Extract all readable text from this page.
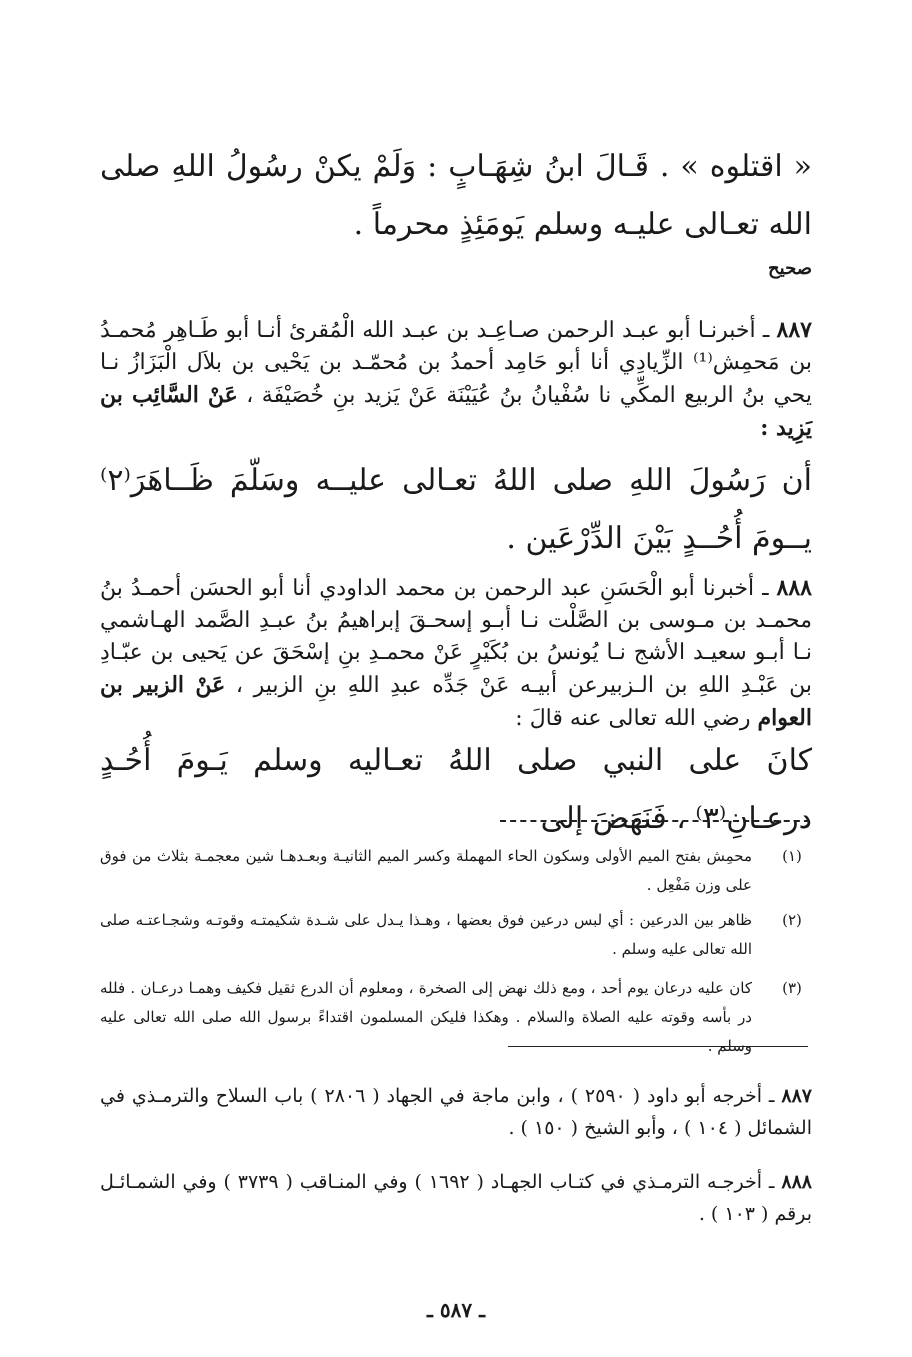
« اقتلوه » . قَـالَ ابنُ شِهَـابٍ : وَلَمْ يكنْ رسُولُ اللهِ صلى الله تعـالى عليـه وسلم يَومَئِذٍ محرماً .
صحيح
٨٨٧ ـ أخبرنـا أبو عبـد الرحمن صـاعِـد بن عبـد الله الْمُقرئ أنـا أبو طَـاهِر مُحمـدُ بن مَحمِش⁽¹⁾ الزِّيادِي أنا أبو حَامِد أحمدُ بن مُحمّـد بن يَحْيى بن بلاَل الْبَزَازُ نـا يحي بنُ الربيع المكِّي نا سُفْيانُ بنُ عُيَيْنَة عَنْ يَزيد بنِ خُصَيْفَة ، عَنْ السَّائِب بن يَزِيد :
أن رَسُولَ اللهِ صلى اللهُ تعـالى عليــه وسَلّمَ ظَــاهَرَ⁽٢⁾ يــومَ أُحُــدٍ بَيْنَ الدِّرْعَين .
٨٨٨ ـ أخبرنا أبو الْحَسَنِ عبد الرحمن بن محمد الداودي أنا أبو الحسَن أحمـدُ بنُ محمـد بن مـوسى بن الصَّلْت نـا أبـو إسحـقَ إبراهيمُ بنُ عبـدِ الصَّمد الهـاشمي نـا أبـو سعيـد الأشج نـا يُونسُ بن بُكَيْرٍ عَنْ محمـدِ بنِ إسْحَقَ عن يَحيى بن عبّـادِ بن عَبْـدِ اللهِ بن الـزبيرعن أبيـه عَنْ جَدِّه عبدِ اللهِ بنِ الزبير ، عَنْ الزبير بن العوام رضي الله تعالى عنه قالَ :
كانَ على النبي صلى اللهُ تعـاليه وسلم يَـومَ أُحُـدٍ درعـانِ⁽٣⁾ ، فَنَهَضَ إلى
(١)
محمِش بفتح الميم الأولى وسكون الحاء المهملة وكسر الميم الثانيـة وبعـدهـا شين معجمـة بثلاث من فوق على وزن مَفْعِل .
(٢)
ظاهر بين الدرعين : أي لبس درعين فوق بعضها ، وهـذا يـدل على شـدة شكيمتـه وقوتـه وشجـاعتـه صلى الله تعالى عليه وسلم .
(٣)
كان عليه درعان يوم أحد ، ومع ذلك نهض إلى الصخرة ، ومعلوم أن الدرع ثقيل فكيف وهمـا درعـان . فلله در بأسه وقوته عليه الصلاة والسلام . وهكذا فليكن المسلمون اقتداءً برسول الله صلى الله تعالى عليه وسلم .
٨٨٧ ـ أخرجه أبو داود ( ٢٥٩٠ ) ، وابن ماجة في الجهاد ( ٢٨٠٦ ) باب السلاح والترمـذي في الشمائل ( ١٠٤ ) ، وأبو الشيخ ( ١٥٠ ) .
٨٨٨ ـ أخرجـه الترمـذي في كتـاب الجهـاد ( ١٦٩٢ ) وفي المنـاقب ( ٣٧٣٩ ) وفي الشمـائـل برقم ( ١٠٣ ) .
ـ ٥٨٧ ـ
